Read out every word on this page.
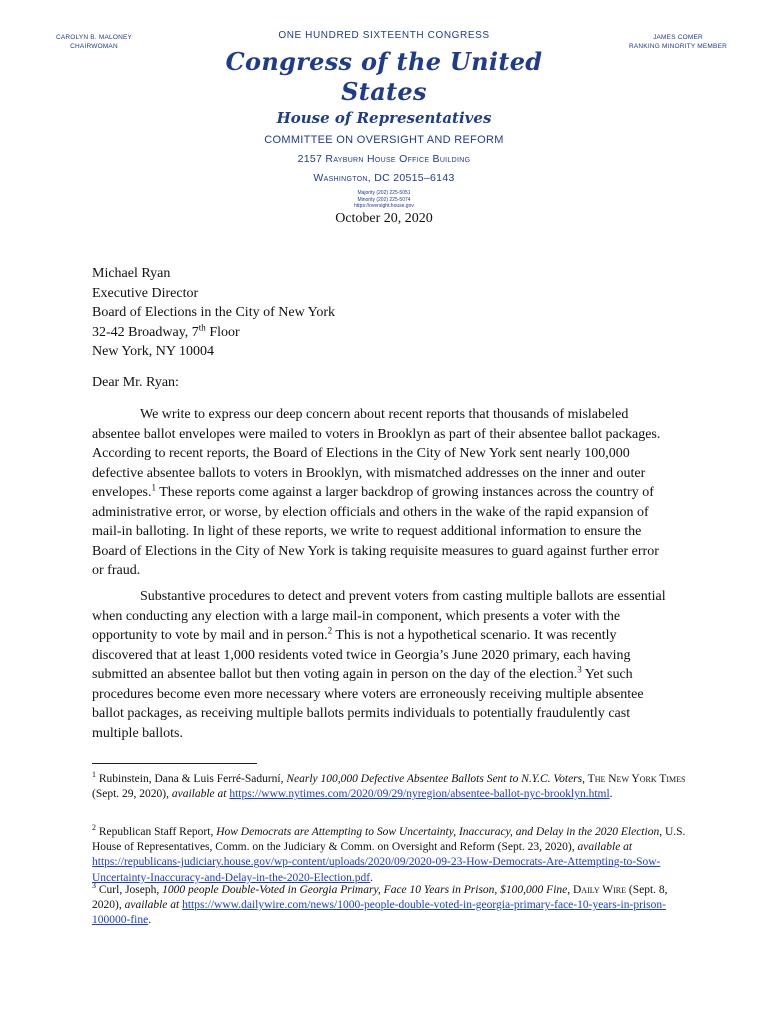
CAROLYN B. MALONEY
CHAIRWOMAN
ONE HUNDRED SIXTEENTH CONGRESS
Congress of the United States
House of Representatives
COMMITTEE ON OVERSIGHT AND REFORM
2157 Rayburn House Office Building
Washington, DC 20515–6143
Majority (202) 225-5051
Minority (202) 225-5074
https://oversight.house.gov
JAMES COMER
RANKING MINORITY MEMBER
October 20, 2020
Michael Ryan
Executive Director
Board of Elections in the City of New York
32-42 Broadway, 7th Floor
New York, NY 10004
Dear Mr. Ryan:
We write to express our deep concern about recent reports that thousands of mislabeled absentee ballot envelopes were mailed to voters in Brooklyn as part of their absentee ballot packages. According to recent reports, the Board of Elections in the City of New York sent nearly 100,000 defective absentee ballots to voters in Brooklyn, with mismatched addresses on the inner and outer envelopes.$^1$ These reports come against a larger backdrop of growing instances across the country of administrative error, or worse, by election officials and others in the wake of the rapid expansion of mail-in balloting. In light of these reports, we write to request additional information to ensure the Board of Elections in the City of New York is taking requisite measures to guard against further error or fraud.
Substantive procedures to detect and prevent voters from casting multiple ballots are essential when conducting any election with a large mail-in component, which presents a voter with the opportunity to vote by mail and in person.$^2$ This is not a hypothetical scenario. It was recently discovered that at least 1,000 residents voted twice in Georgia’s June 2020 primary, each having submitted an absentee ballot but then voting again in person on the day of the election.$^3$ Yet such procedures become even more necessary where voters are erroneously receiving multiple absentee ballot packages, as receiving multiple ballots permits individuals to potentially fraudulently cast multiple ballots.
$^1$ Rubinstein, Dana & Luis Ferré-Sadurní, Nearly 100,000 Defective Absentee Ballots Sent to N.Y.C. Voters, The New York Times (Sept. 29, 2020), available at https://www.nytimes.com/2020/09/29/nyregion/absentee-ballot-nyc-brooklyn.html.
$^2$ Republican Staff Report, How Democrats are Attempting to Sow Uncertainty, Inaccuracy, and Delay in the 2020 Election, U.S. House of Representatives, Comm. on the Judiciary & Comm. on Oversight and Reform (Sept. 23, 2020), available at https://republicans-judiciary.house.gov/wp-content/uploads/2020/09/2020-09-23-How-Democrats-Are-Attempting-to-Sow-Uncertainty-Inaccuracy-and-Delay-in-the-2020-Election.pdf.
$^3$ Curl, Joseph, 1000 people Double-Voted in Georgia Primary, Face 10 Years in Prison, $100,000 Fine, Daily Wire (Sept. 8, 2020), available at https://www.dailywire.com/news/1000-people-double-voted-in-georgia-primary-face-10-years-in-prison-100000-fine.
